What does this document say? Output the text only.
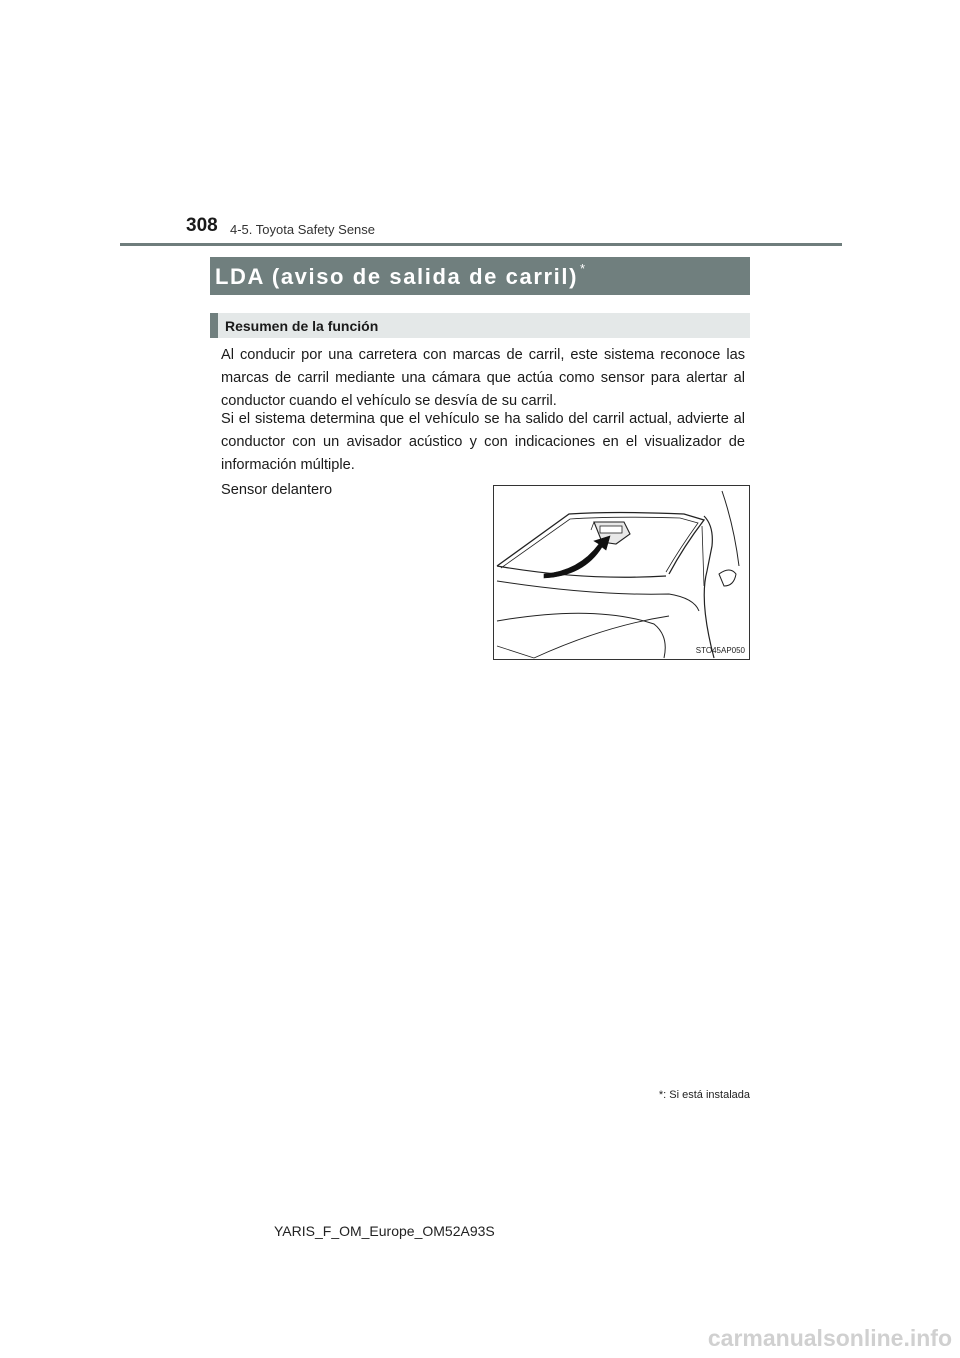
308 4-5. Toyota Safety Sense
LDA (aviso de salida de carril) *
Resumen de la función

Al conducir por una carretera con marcas de carril, este sistema reconoce las marcas de carril mediante una cámara que actúa como sensor para alertar al conductor cuando el vehículo se desvía de su carril.

Si el sistema determina que el vehículo se ha salido del carril actual, advierte al conductor con un avisador acústico y con indicaciones en el visualizador de información múltiple.

Sensor delantero
STO45AP050
*: Si está instalada
YARIS_F_OM_Europe_OM52A93S
carmanualsonline.info
